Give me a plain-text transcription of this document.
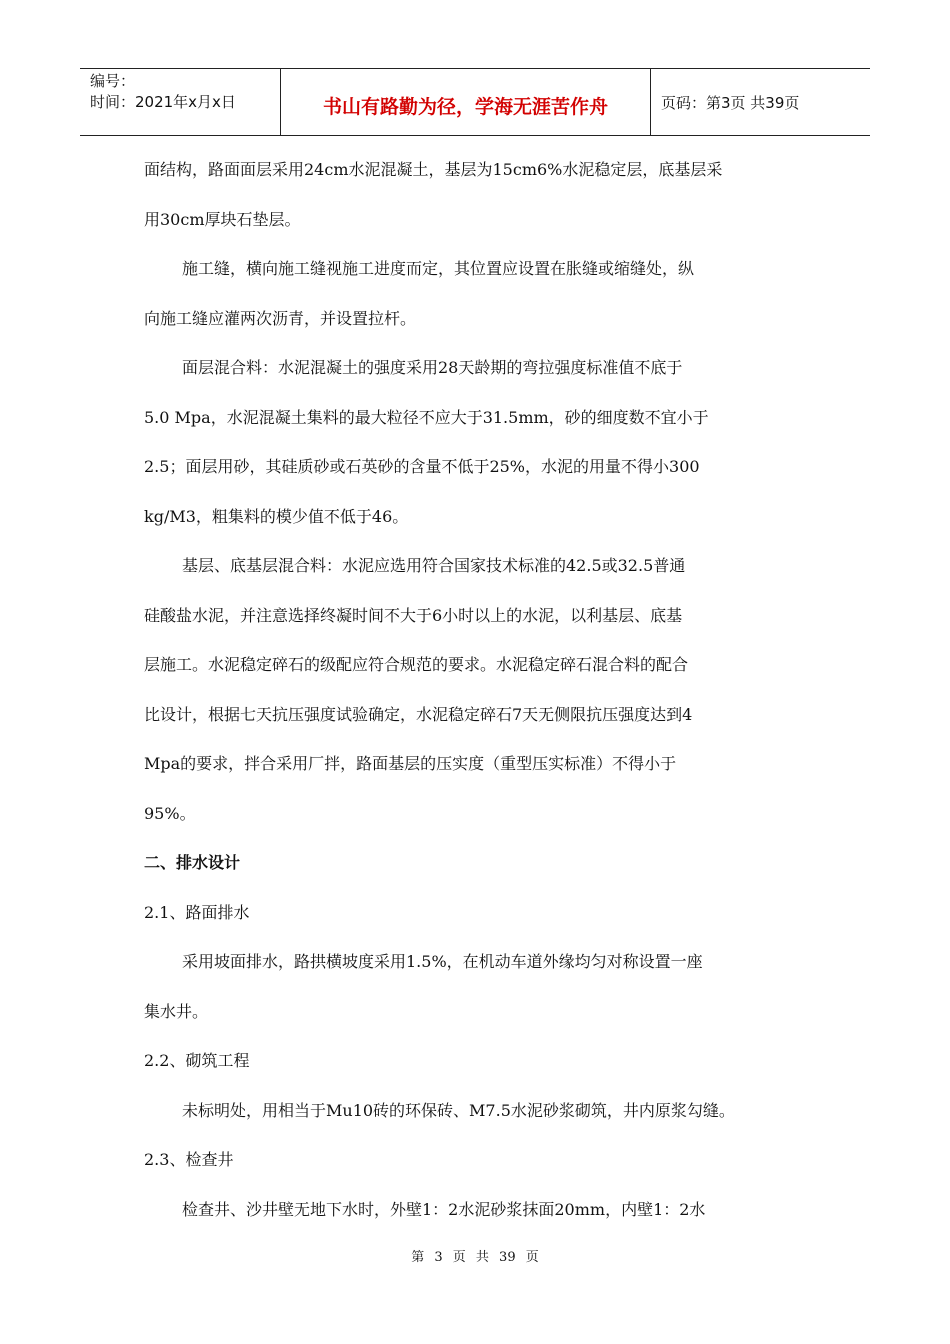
编号：
时间：2021年x月x日	书山有路勤为径，学海无涯苦作舟	页码：第3页 共39页
面结构，路面面层采用24cm水泥混凝土，基层为15cm6%水泥稳定层，底基层采
用30cm厚块石垫层。
施工缝，横向施工缝视施工进度而定，其位置应设置在胀缝或缩缝处，纵
向施工缝应灌两次沥青，并设置拉杆。
面层混合料：水泥混凝土的强度采用28天龄期的弯拉强度标准值不底于
5.0 Mpa，水泥混凝土集料的最大粒径不应大于31.5mm，砂的细度数不宜小于
2.5；面层用砂，其硅质砂或石英砂的含量不低于25%，水泥的用量不得小300
kg/M3，粗集料的模少值不低于46。
基层、底基层混合料：水泥应选用符合国家技术标准的42.5或32.5普通
硅酸盐水泥，并注意选择终凝时间不大于6小时以上的水泥，以利基层、底基
层施工。水泥稳定碎石的级配应符合规范的要求。水泥稳定碎石混合料的配合
比设计，根据七天抗压强度试验确定，水泥稳定碎石7天无侧限抗压强度达到4
Mpa的要求，拌合采用厂拌，路面基层的压实度（重型压实标准）不得小于
95%。
二、排水设计
2.1、路面排水
采用坡面排水，路拱横坡度采用1.5%，在机动车道外缘均匀对称设置一座
集水井。
2.2、砌筑工程
未标明处，用相当于Mu10砖的环保砖、M7.5水泥砂浆砌筑，井内原浆勾缝。
2.3、检查井
检查井、沙井壁无地下水时，外壁1：2水泥砂浆抹面20mm，内壁1：2水
第 3 页 共 39 页
